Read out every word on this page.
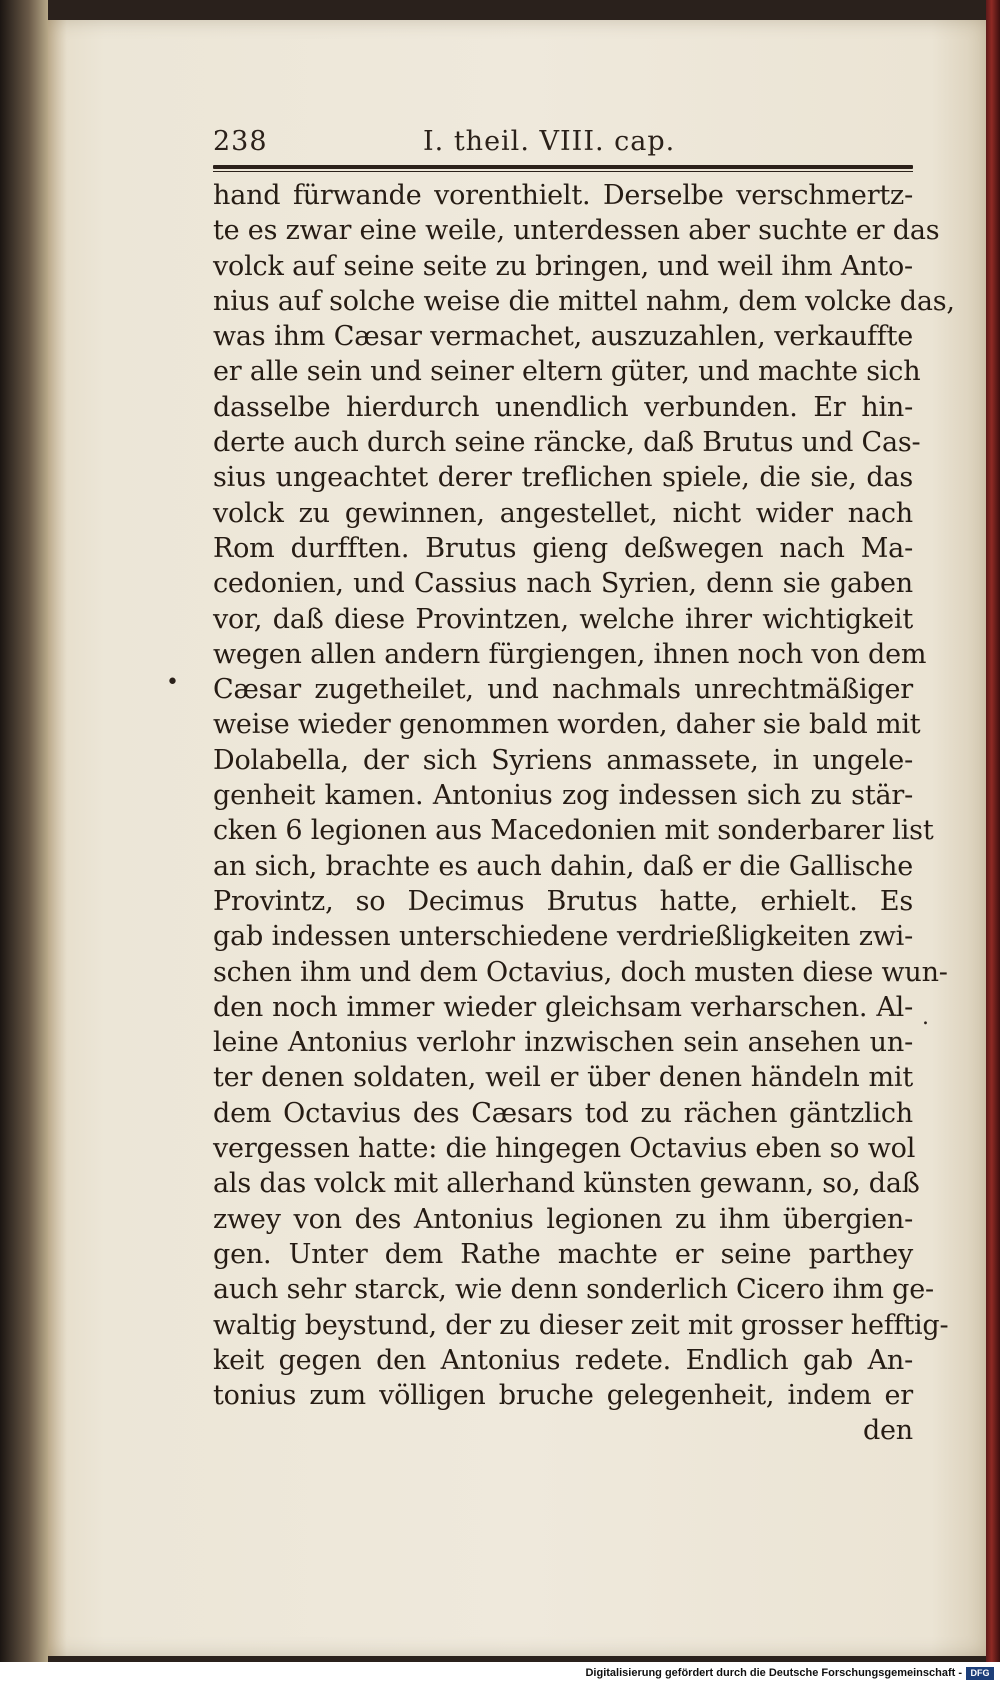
238	I. theil. VIII. cap.
hand fürwande vorenthielt. Derselbe verschmertz-
te es zwar eine weile, unterdessen aber suchte er das
volck auf seine seite zu bringen, und weil ihm Anto-
nius auf solche weise die mittel nahm, dem volcke das,
was ihm Cæsar vermachet, auszuzahlen, verkauffte
er alle sein und seiner eltern güter, und machte sich
dasselbe hierdurch unendlich verbunden. Er hin-
derte auch durch seine räncke, daß Brutus und Cas-
sius ungeachtet derer treflichen spiele, die sie, das
volck zu gewinnen, angestellet, nicht wider nach
Rom durfften. Brutus gieng deßwegen nach Ma-
cedonien, und Cassius nach Syrien, denn sie gaben
vor, daß diese Provintzen, welche ihrer wichtigkeit
wegen allen andern fürgiengen, ihnen noch von dem
Cæsar zugetheilet, und nachmals unrechtmäßiger
weise wieder genommen worden, daher sie bald mit
Dolabella, der sich Syriens anmassete, in ungele-
genheit kamen. Antonius zog indessen sich zu stär-
cken 6 legionen aus Macedonien mit sonderbarer list
an sich, brachte es auch dahin, daß er die Gallische
Provintz, so Decimus Brutus hatte, erhielt. Es
gab indessen unterschiedene verdrießligkeiten zwi-
schen ihm und dem Octavius, doch musten diese wun-
den noch immer wieder gleichsam verharschen. Al-
leine Antonius verlohr inzwischen sein ansehen un-
ter denen soldaten, weil er über denen händeln mit
dem Octavius des Cæsars tod zu rächen gäntzlich
vergessen hatte: die hingegen Octavius eben so wol
als das volck mit allerhand künsten gewann, so, daß
zwey von des Antonius legionen zu ihm übergien-
gen. Unter dem Rathe machte er seine parthey
auch sehr starck, wie denn sonderlich Cicero ihm ge-
waltig beystund, der zu dieser zeit mit grosser hefftig-
keit gegen den Antonius redete. Endlich gab An-
tonius zum völligen bruche gelegenheit, indem er
den
•
.
Digitalisierung gefördert durch die Deutsche Forschungsgemeinschaft - DFG
